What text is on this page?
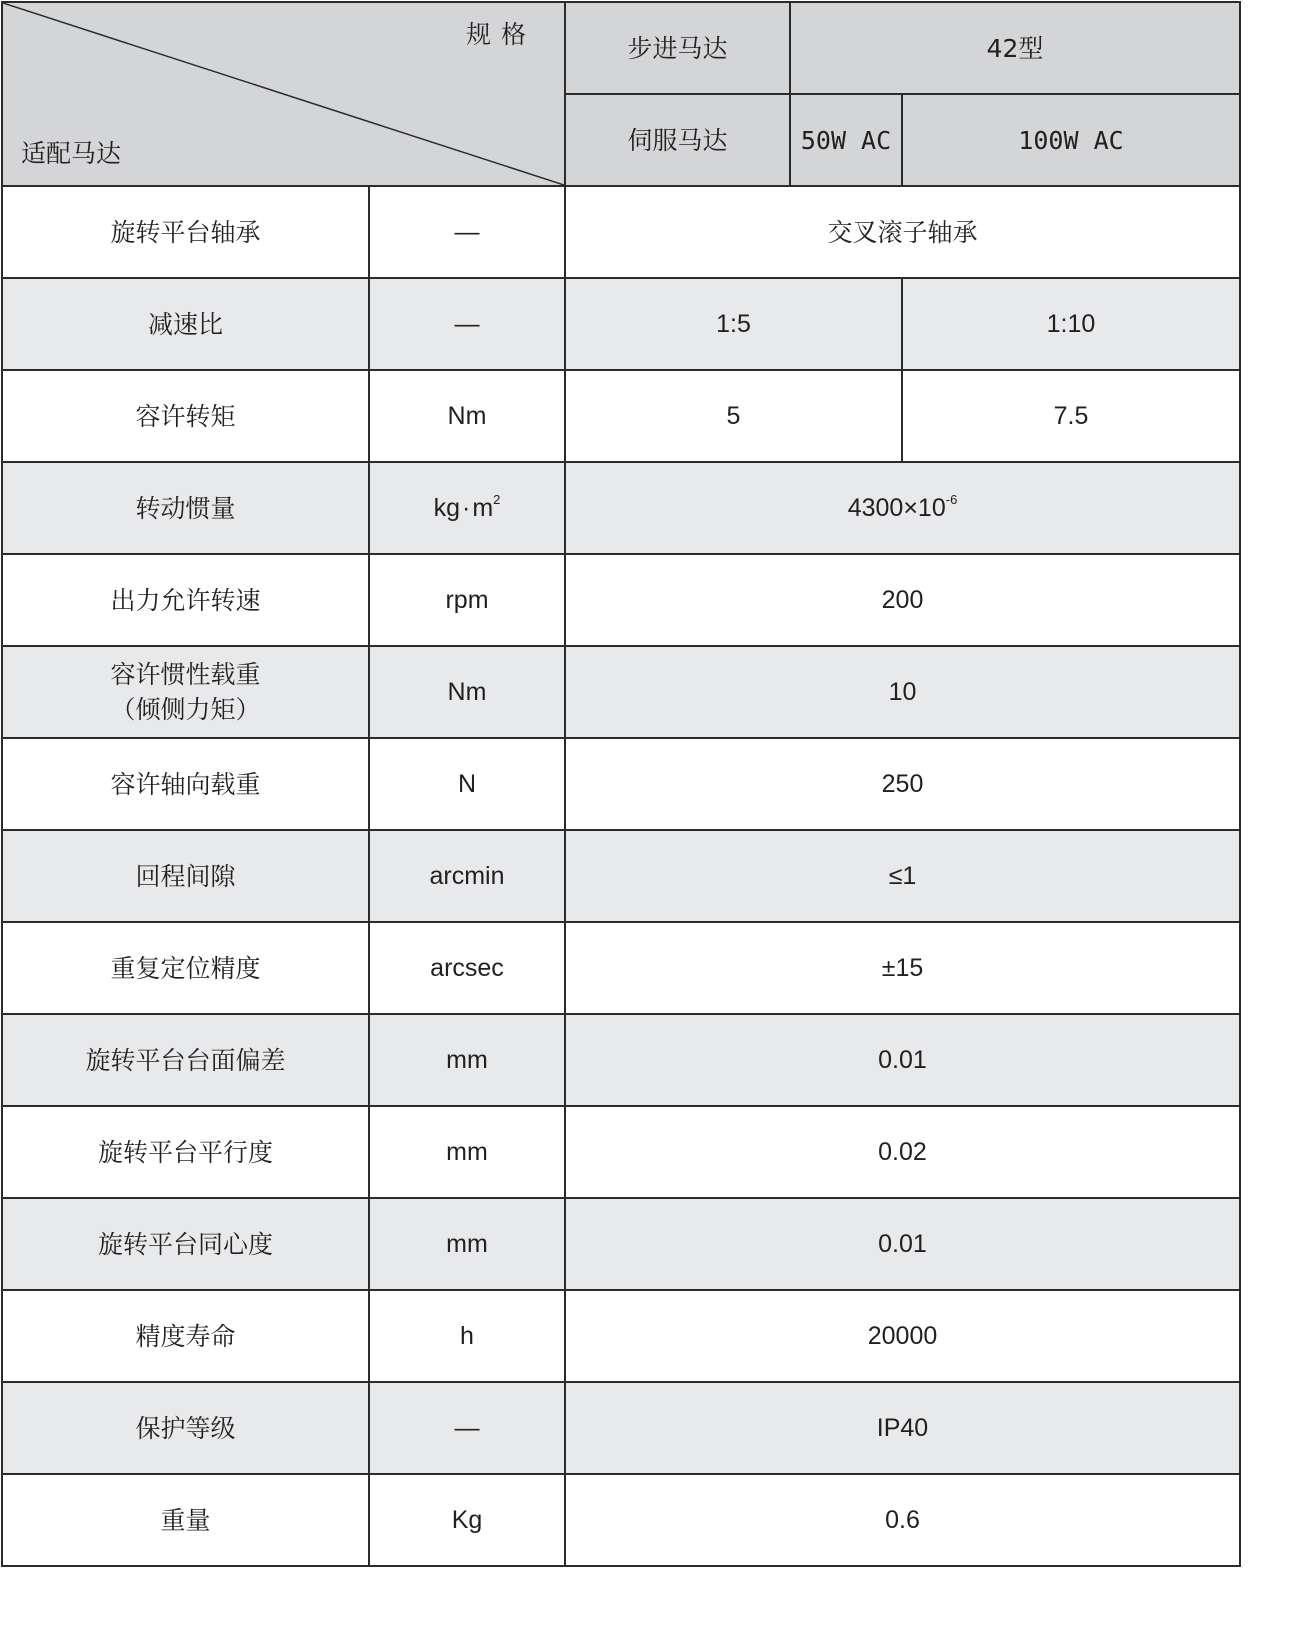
规格
适配马达		步进马达	42型	
		伺服马达	50W AC	100W AC
旋转平台轴承	—	交叉滚子轴承		
减速比	—	1:5		1:10
容许转矩	Nm	5		7.5
转动惯量	$kg\cdot m^2$	$4300\times 10^{-6}$
出力允许转速	rpm	200		

容许惯性载重
（倾侧力矩）	Nm	10		
容许轴向载重	N	250		
回程间隙	arcmin	≤1		
重复定位精度	arcsec	±15		
旋转平台台面偏差	mm	0.01		
旋转平台平行度	mm	0.02		
旋转平台同心度	mm	0.01		
精度寿命	h	20000		
保护等级	—	IP40		
重量	Kg	0.6		
